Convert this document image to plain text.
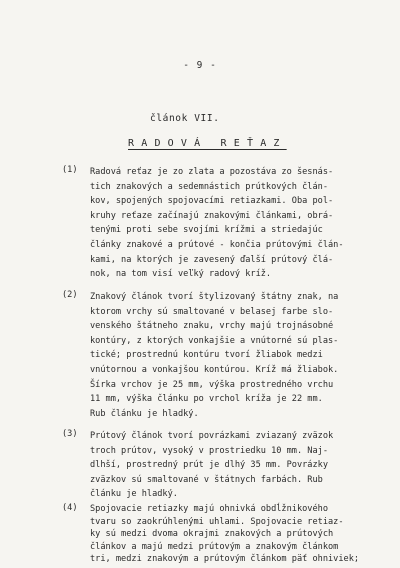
- 9 -
článok VII.
RADOVÁ REŤAZ
(1) Radová reťaz je zo zlata a pozostáva zo šesnás-
tich znakových a sedemnástich prútkových člán-
kov, spojených spojovacími retiazkami. Oba pol-
kruhy reťaze začínajú znakovými článkami, obrá-
tenými proti sebe svojími krížmi a striedajúc
články znakové a prútové - končia prútovými člán-
kami, na ktorých je zavesený ďalší prútový člá-
nok, na tom visí veľký radový kríž.
(2) Znakový článok tvorí štylizovaný štátny znak, na
ktorom vrchy sú smaltované v belasej farbe slo-
venského štátneho znaku, vrchy majú trojnásobné
kontúry, z ktorých vonkajšie a vnútorné sú plas-
tické; prostrednú kontúru tvorí žliabok medzi
vnútornou a vonkajšou kontúrou. Kríž má žliabok.
Šírka vrchov je 25 mm, výška prostredného vrchu
11 mm, výška článku po vrchol kríža je 22 mm.
Rub článku je hladký.
(3) Prútový článok tvorí povrázkami zviazaný zväzok
troch prútov, vysoký v prostriedku 10 mm. Naj-
dlhší, prostredný prút je dlhý 35 mm. Povrázky
zväzkov sú smaltované v štátnych farbách. Rub
článku je hladký.
(4) Spojovacie retiazky majú ohnivká obdĺžnikového
tvaru so zaokrúhlenými uhlami. Spojovacie retiaz-
ky sú medzi dvoma okrajmi znakových a prútových
článkov a majú medzi prútovým a znakovým článkom
tri, medzi znakovým a prútovým článkom päť ohniviek;
